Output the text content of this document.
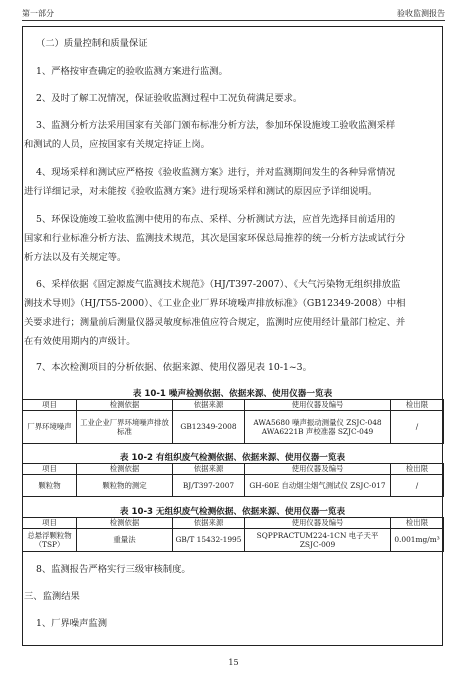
第一部分	验收监测报告
（二）质量控制和质量保证
1、严格按审查确定的验收监测方案进行监测。
2、及时了解工况情况，保证验收监测过程中工况负荷满足要求。
3、监测分析方法采用国家有关部门颁布标准分析方法，参加环保设施竣工验收监测采样
和测试的人员，应按国家有关规定持证上岗。
4、现场采样和测试应严格按《验收监测方案》进行，并对监测期间发生的各种异常情况
进行详细记录，对未能按《验收监测方案》进行现场采样和测试的原因应予详细说明。
5、环保设施竣工验收监测中使用的布点、采样、分析测试方法，应首先选择目前适用的
国家和行业标准分析方法、监测技术规范，其次是国家环保总局推荐的统一分析方法或试行分
析方法以及有关规定等。
6、采样依据《固定源废气监测技术规范》（HJ/T397-2007）、《大气污染物无组织排放监
测技术导则》（HJ/T55-2000）、《工业企业厂界环境噪声排放标准》（GB12349-2008）中相
关要求进行；测量前后测量仪器灵敏度标准值应符合规定，监测时应使用经计量部门检定、并
在有效使用期内的声级计。
7、本次检测项目的分析依据、依据来源、使用仪器见表 10-1~3。
表 10-1 噪声检测依据、依据来源、使用仪器一览表
项目	检测依据	依据来源	使用仪器及编号	检出限
厂界环境噪声	工业企业厂界环境噪声排放标准	GB12349-2008	AWA5680 噪声振动测量仪 ZSJC-048 AWA6221B 声校准器 SZJC-049	/
表 10-2 有组织废气检测依据、依据来源、使用仪器一览表
项目	检测依据	依据来源	使用仪器及编号	检出限
颗粒物	颗粒物的测定	BJ/T397-2007	GH-60E 自动烟尘烟气测试仪 ZSJC-017	/
表 10-3 无组织废气检测依据、依据来源、使用仪器一览表
项目	检测依据	依据来源	使用仪器及编号	检出限
总悬浮颗粒物（TSP）	重量法	GB/T 15432-1995	SQPPRACTUM224-1CN 电子天平 ZSJC-009	0.001mg/m³
8、监测报告严格实行三级审核制度。
三、监测结果
1、厂界噪声监测
15
